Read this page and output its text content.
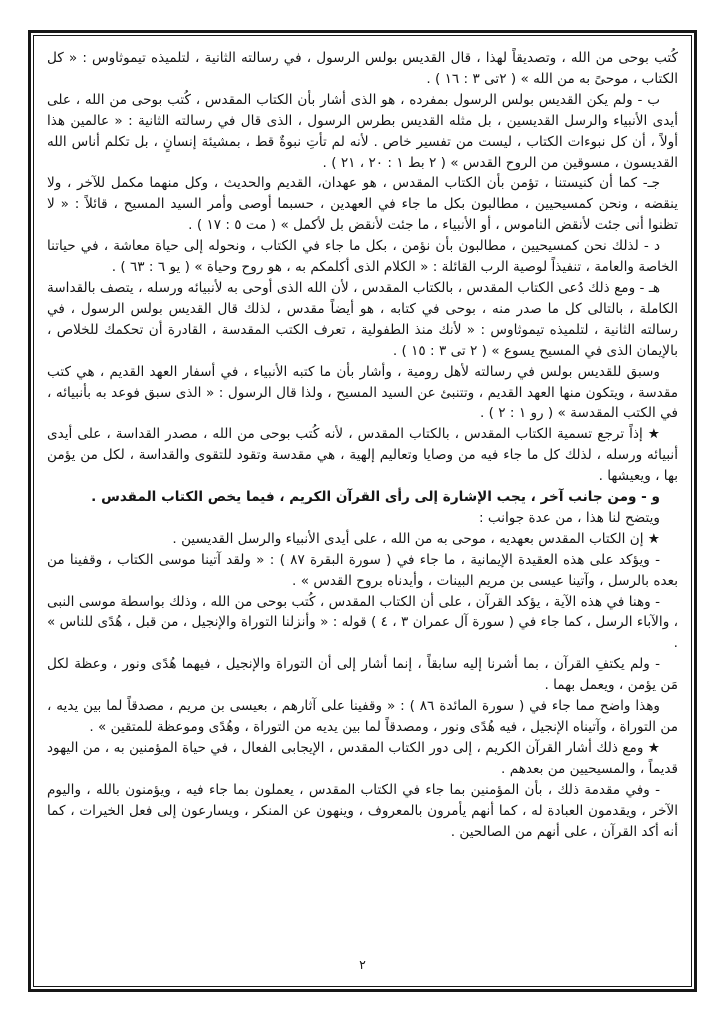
كُتب بوحى من الله ، وتصديقاً لهذا ، قال القديس بولس الرسول ، في رسالته الثانية ، لتلميذه تيموثاوس : « كل الكتاب ، موحىً به من الله » ( ٢تى ٣ : ١٦ ) .

ب - ولم يكن القديس بولس الرسول بمفرده ، هو الذى أشار بأن الكتاب المقدس ، كُتب بوحى من الله ، على أيدى الأنبياء والرسل القديسين ، بل مثله القديس بطرس الرسول ، الذى قال في رسالته الثانية : « عالمين هذا أولاً ، أن كل نبوءات الكتاب ، ليست من تفسير خاص . لأنه لم تأتِ نبوةٌ قط ، بمشيئة إنسانٍ ، بل تكلم أناس الله القديسون ، مسوقين من الروح القدس » ( ٢ بط ١ : ٢٠ ، ٢١ ) .

جـ- كما أن كنيستنا ، تؤمن بأن الكتاب المقدس ، هو عهدان، القديم والحديث ، وكل منهما مكمل للآخر ، ولا ينقضه ، ونحن كمسيحيين ، مطالبون بكل ما جاء في العهدين ، حسبما أوصى وأمر السيد المسيح ، قائلاً : « لا تظنوا أنى جئت لأنقض الناموس ، أو الأنبياء ، ما جئت لأنقض بل لأكمل » ( مت ٥ : ١٧ ) .

د - لذلك نحن كمسيحيين ، مطالبون بأن نؤمن ، بكل ما جاء في الكتاب ، ونحوله إلى حياة معاشة ، في حياتنا الخاصة والعامة ، تنفيذاً لوصية الرب القائلة : « الكلام الذى أكلمكم به ، هو روح وحياة » ( يو ٦ : ٦٣ ) .

هـ - ومع ذلك دُعى الكتاب المقدس ، بالكتاب المقدس ، لأن الله الذى أوحى به لأنبيائه ورسله ، يتصف بالقداسة الكاملة ، بالتالى كل ما صدر منه ، بوحى في كتابه ، هو أيضاً مقدس ، لذلك قال القديس بولس الرسول ، في رسالته الثانية ، لتلميذه تيموثاوس : « لأنك منذ الطفولية ، تعرف الكتب المقدسة ، القادرة أن تحكمك للخلاص ، بالإيمان الذى في المسيح يسوع » ( ٢ تى ٣ : ١٥ ) .

وسبق للقديس بولس في رسالته لأهل رومية ، وأشار بأن ما كتبه الأنبياء ، في أسفار العهد القديم ، هي كتب مقدسة ، ويتكون منها العهد القديم ، وتتنبئ عن السيد المسيح ، ولذا قال الرسول : « الذى سبق فوعد به بأنبيائه ، في الكتب المقدسة » ( رو ١ : ٢ ) .

★ إذاً ترجع تسمية الكتاب المقدس ، بالكتاب المقدس ، لأنه كُتب بوحى من الله ، مصدر القداسة ، على أيدى أنبيائه ورسله ، لذلك كل ما جاء فيه من وصايا وتعاليم إلهية ، هي مقدسة وتقود للتقوى والقداسة ، لكل من يؤمن بها ، ويعيشها .

و - ومن جانب آخر ، يجب الإشارة إلى رأى القرآن الكريم ، فيما يخص الكتاب المقدس .

ويتضح لنا هذا ، من عدة جوانب :

★ إن الكتاب المقدس بعهديه ، موحى به من الله ، على أيدى الأنبياء والرسل القديسين .

- ويؤكد على هذه العقيدة الإيمانية ، ما جاء في ( سورة البقرة ٨٧ ) : « ولقد آتينا موسى الكتاب ، وقفينا من بعده بالرسل ، وآتينا عيسى بن مريم البينات ، وأيدناه بروح القدس » .

- وهنا في هذه الآية ، يؤكد القرآن ، على أن الكتاب المقدس ، كُتب بوحى من الله ، وذلك بواسطة موسى النبى ، والآباء الرسل ، كما جاء في ( سورة آل عمران ٣ ، ٤ ) قوله : « وأنزلنا التوراة والإنجيل ، من قبل ، هُدًى للناس » .

- ولم يكتفِ القرآن ، بما أشرنا إليه سابقاً ، إنما أشار إلى أن التوراة والإنجيل ، فيهما هُدًى ونور ، وعظة لكل مَن يؤمن ، ويعمل بهما .

وهذا واضح مما جاء في ( سورة المائدة ٨٦ ) : « وقفينا على آثارهم ، بعيسى بن مريم ، مصدقاً لما بين يديه ، من التوراة ، وآتيناه الإنجيل ، فيه هُدًى ونور ، ومصدقاً لما بين يديه من التوراة ، وهُدًى وموعظة للمتقين » .

★ ومع ذلك أشار القرآن الكريم ، إلى دور الكتاب المقدس ، الإيجابى الفعال ، في حياة المؤمنين به ، من اليهود قديماً ، والمسيحيين من بعدهم .

- وفي مقدمة ذلك ، بأن المؤمنين بما جاء في الكتاب المقدس ، يعملون بما جاء فيه ، ويؤمنون بالله ، واليوم الآخر ، ويقدمون العبادة له ، كما أنهم يأمرون بالمعروف ، وينهون عن المنكر ، ويسارعون إلى فعل الخيرات ، كما أنه أكد القرآن ، على أنهم من الصالحين .

٢
